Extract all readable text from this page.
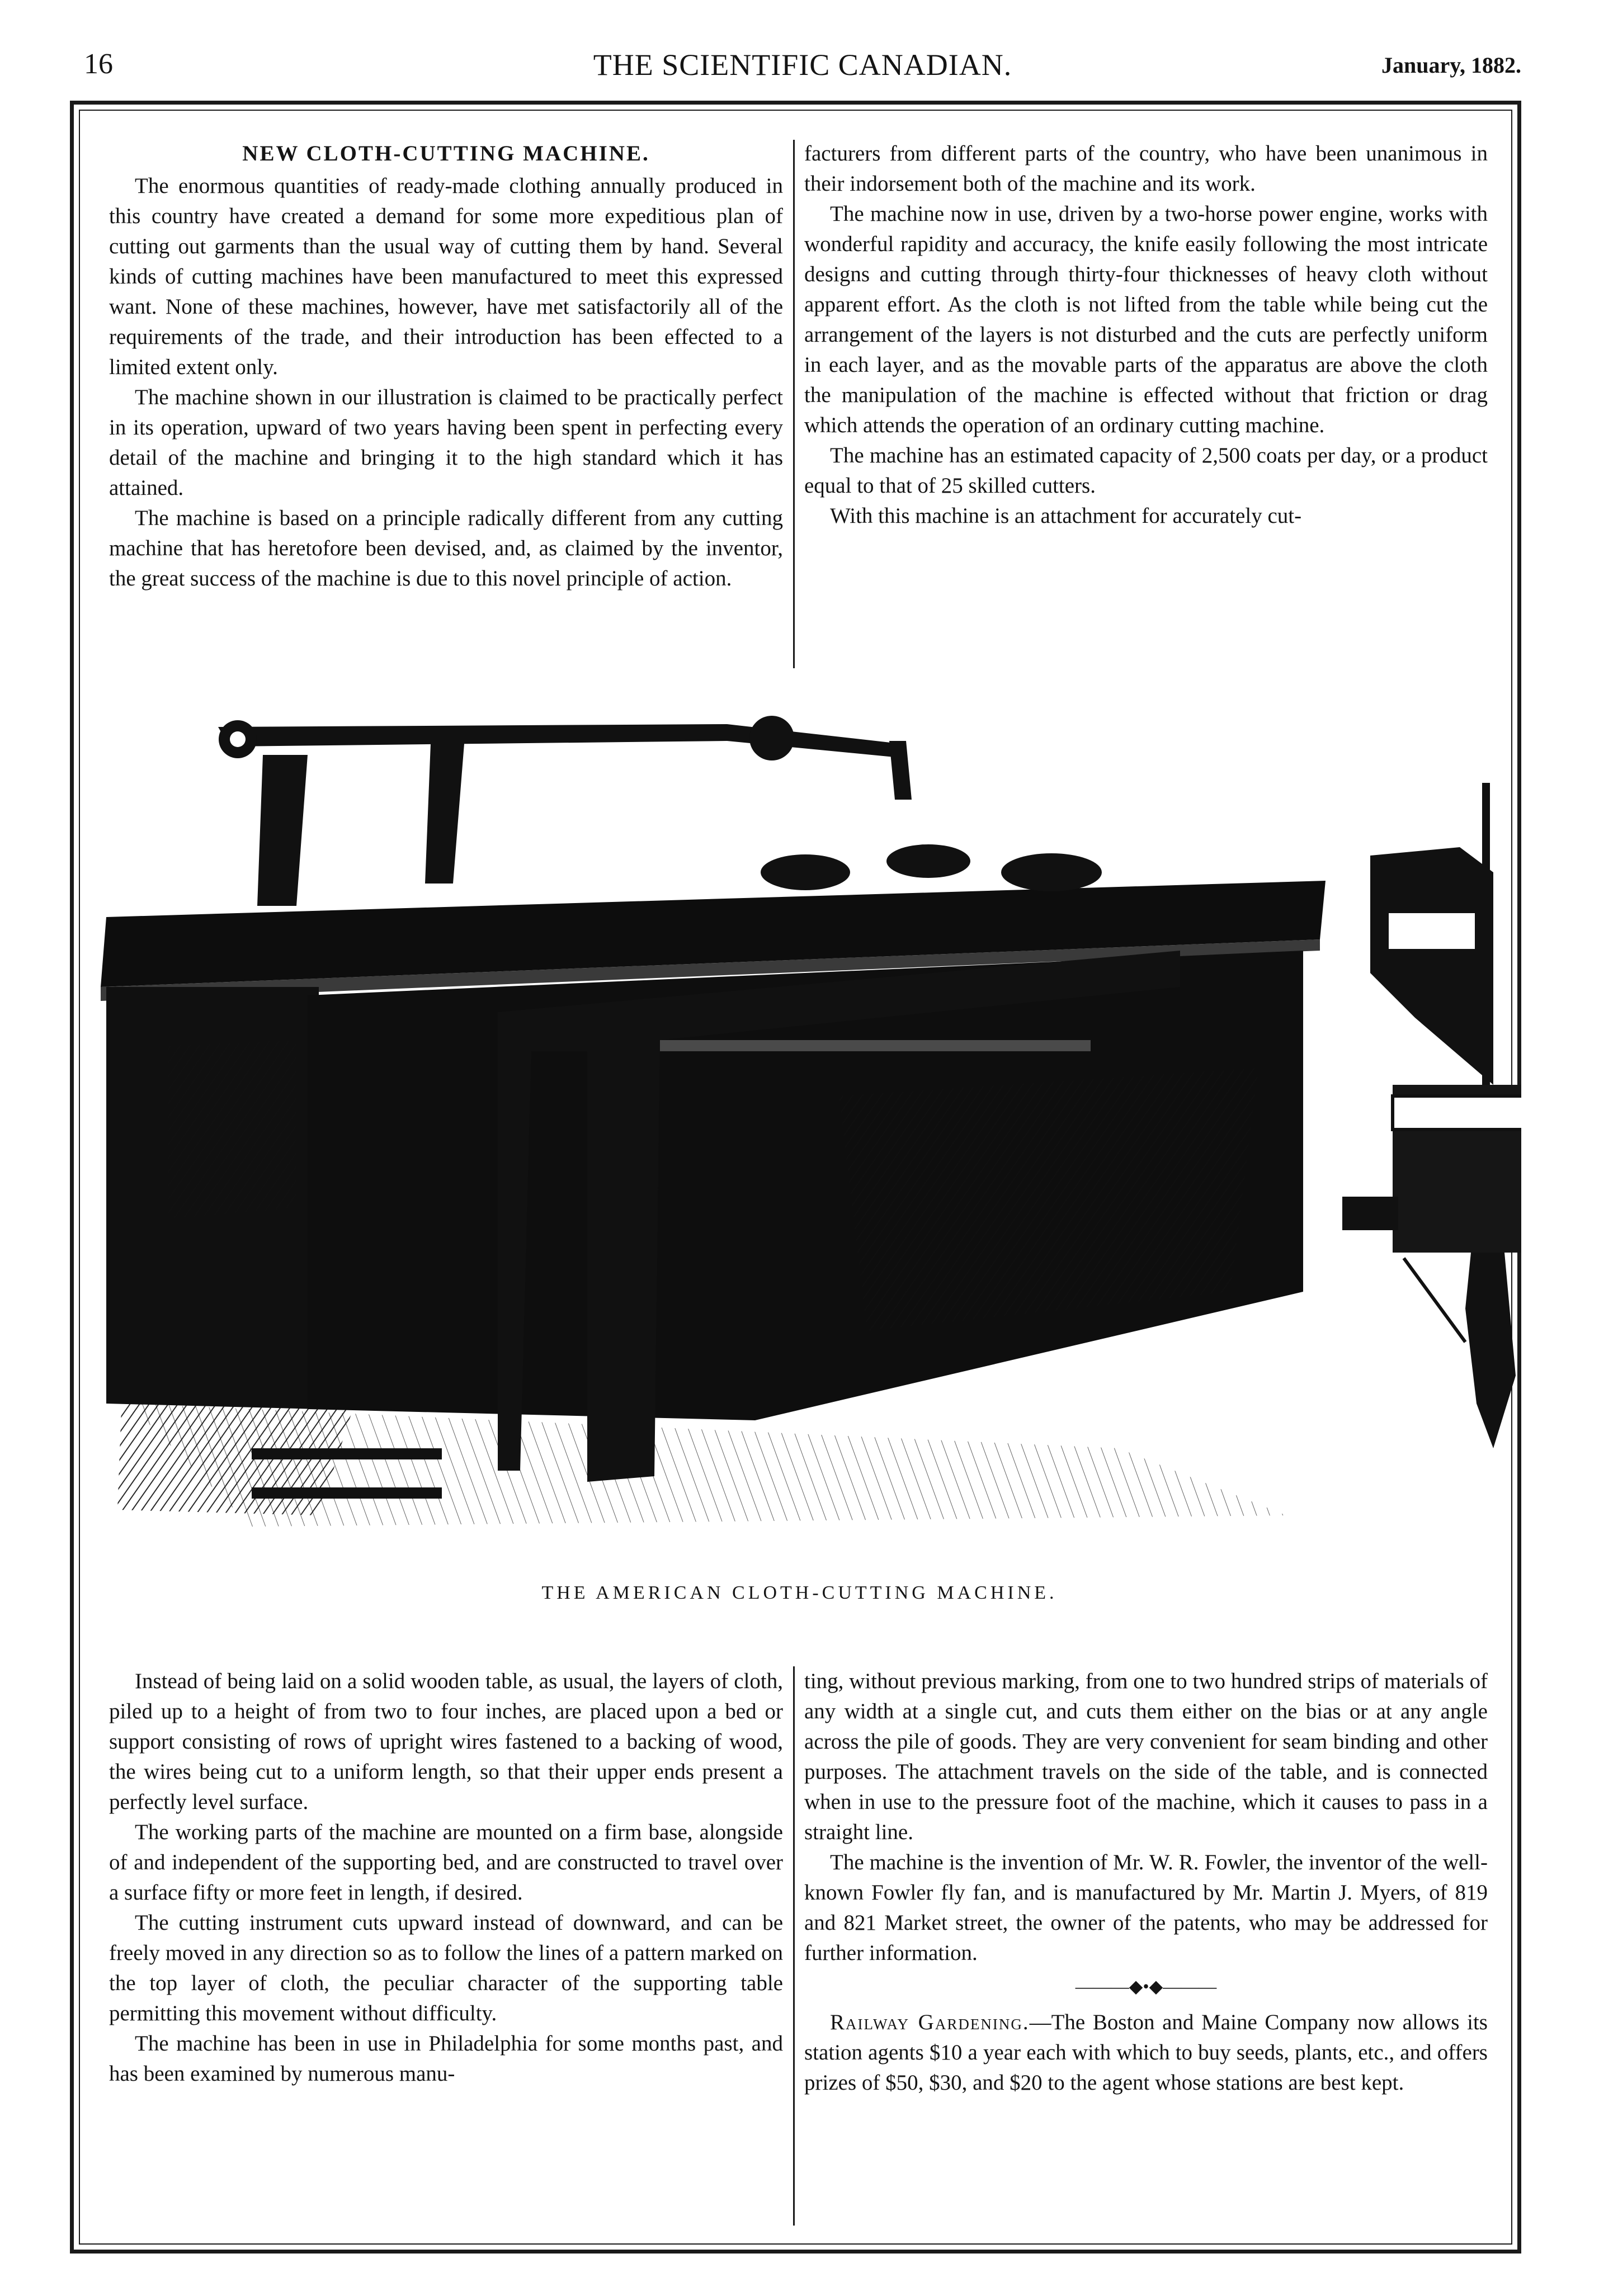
16	THE SCIENTIFIC CANADIAN.	January, 1882.
NEW CLOTH-CUTTING MACHINE.

The enormous quantities of ready-made clothing annually produced in this country have created a demand for some more expeditious plan of cutting out garments than the usual way of cutting them by hand. Several kinds of cutting machines have been manufactured to meet this expressed want. None of these machines, however, have met satisfactorily all of the requirements of the trade, and their introduction has been effected to a limited extent only.

The machine shown in our illustration is claimed to be practically perfect in its operation, upward of two years having been spent in perfecting every detail of the machine and bringing it to the high standard which it has attained.

The machine is based on a principle radically different from any cutting machine that has heretofore been devised, and, as claimed by the inventor, the great success of the machine is due to this novel principle of action.

facturers from different parts of the country, who have been unanimous in their indorsement both of the machine and its work.

The machine now in use, driven by a two-horse power engine, works with wonderful rapidity and accuracy, the knife easily following the most intricate designs and cutting through thirty-four thicknesses of heavy cloth without apparent effort. As the cloth is not lifted from the table while being cut the arrangement of the layers is not disturbed and the cuts are perfectly uniform in each layer, and as the movable parts of the apparatus are above the cloth the manipulation of the machine is effected without that friction or drag which attends the operation of an ordinary cutting machine.

The machine has an estimated capacity of 2,500 coats per day, or a product equal to that of 25 skilled cutters.

With this machine is an attachment for accurately cut-

THE AMERICAN CLOTH-CUTTING MACHINE.

Instead of being laid on a solid wooden table, as usual, the layers of cloth, piled up to a height of from two to four inches, are placed upon a bed or support consisting of rows of upright wires fastened to a backing of wood, the wires being cut to a uniform length, so that their upper ends present a perfectly level surface.

The working parts of the machine are mounted on a firm base, alongside of and independent of the supporting bed, and are constructed to travel over a surface fifty or more feet in length, if desired.

The cutting instrument cuts upward instead of downward, and can be freely moved in any direction so as to follow the lines of a pattern marked on the top layer of cloth, the peculiar character of the supporting table permitting this movement without difficulty.

The machine has been in use in Philadelphia for some months past, and has been examined by numerous manu-

ting, without previous marking, from one to two hundred strips of materials of any width at a single cut, and cuts them either on the bias or at any angle across the pile of goods. They are very convenient for seam binding and other purposes. The attachment travels on the side of the table, and is connected when in use to the pressure foot of the machine, which it causes to pass in a straight line.

The machine is the invention of Mr. W. R. Fowler, the inventor of the well-known Fowler fly fan, and is manufactured by Mr. Martin J. Myers, of 819 and 821 Market street, the owner of the patents, who may be addressed for further information.

———◆•◆———

Railway Gardening.—The Boston and Maine Company now allows its station agents $10 a year each with which to buy seeds, plants, etc., and offers prizes of $50, $30, and $20 to the agent whose stations are best kept.
